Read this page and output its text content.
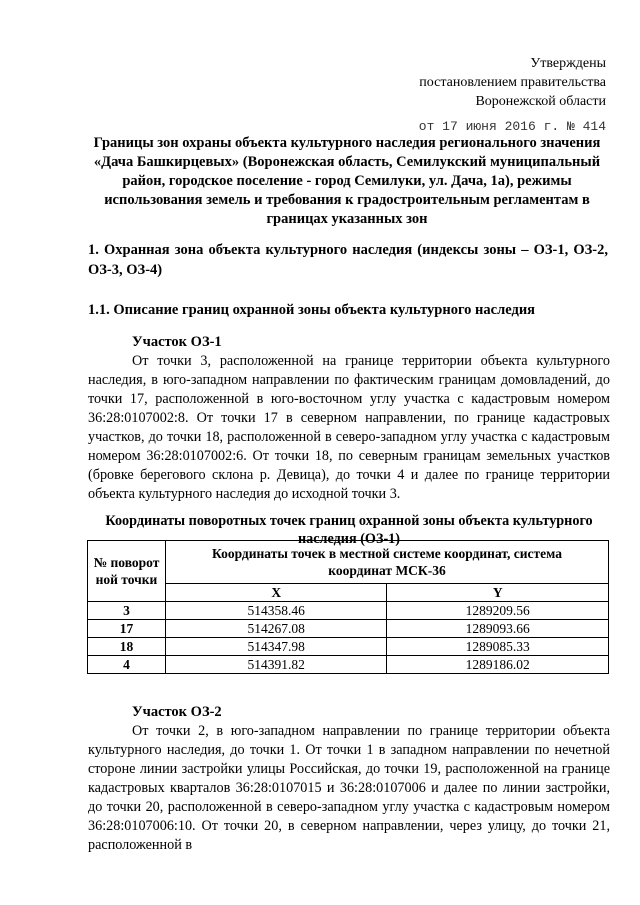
Утверждены
постановлением правительства
Воронежской области
от 17 июня 2016 г. № 414
Границы зон охраны объекта культурного наследия регионального значения «Дача Башкирцевых» (Воронежская область, Семилукский муниципальный район, городское поселение - город Семилуки, ул. Дача, 1а), режимы использования земель и требования к градостроительным регламентам в границах указанных зон
1. Охранная зона объекта культурного наследия (индексы зоны – ОЗ-1, ОЗ-2, ОЗ-3, ОЗ-4)
1.1. Описание границ охранной зоны объекта культурного наследия
Участок ОЗ-1

От точки 3, расположенной на границе территории объекта культурного наследия, в юго-западном направлении по фактическим границам домовладений, до точки 17, расположенной в юго-восточном углу участка с кадастровым номером 36:28:0107002:8. От точки 17 в северном направлении, по границе кадастровых участков, до точки 18, расположенной в северо-западном углу участка с кадастровым номером 36:28:0107002:6. От точки 18, по северным границам земельных участков (бровке берегового склона р. Девица), до точки 4 и далее по границе территории объекта культурного наследия до исходной точки 3.

Координаты поворотных точек границ охранной зоны объекта культурного наследия (ОЗ-1)
№ поворот ной точки	Координаты точек в местной системе координат, система координат МСК-36	
	X	Y
3	514358.46	1289209.56
17	514267.08	1289093.66
18	514347.98	1289085.33
4	514391.82	1289186.02
Участок ОЗ-2

От точки 2, в юго-западном направлении по границе территории объекта культурного наследия, до точки 1. От точки 1 в западном направлении по нечетной стороне линии застройки улицы Российская, до точки 19, расположенной на границе кадастровых кварталов 36:28:0107015 и 36:28:0107006 и далее по линии застройки, до точки 20, расположенной в северо-западном углу участка с кадастровым номером 36:28:0107006:10. От точки 20, в северном направлении, через улицу, до точки 21, расположенной в
